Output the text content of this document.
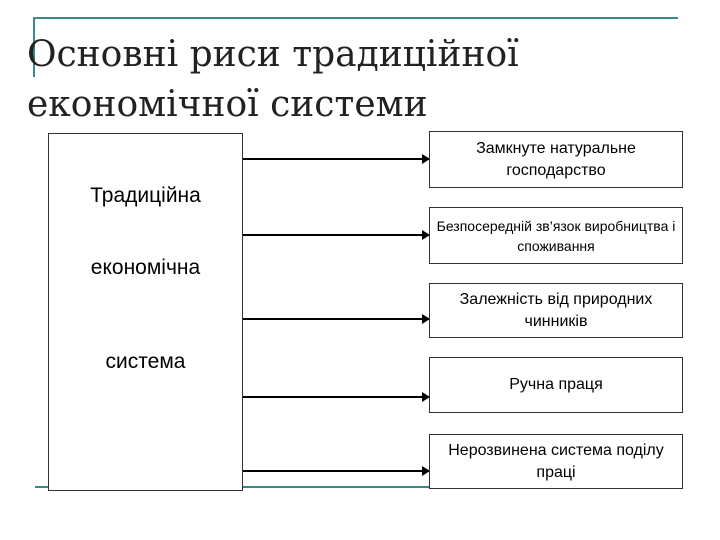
Основні риси традиційної
економічної системи
Традиційна
економічна
система
Замкнуте натуральне господарство
Безпосередній зв’язок виробництва і споживання
Залежність від природних чинників
Ручна праця
Нерозвинена система поділу праці
